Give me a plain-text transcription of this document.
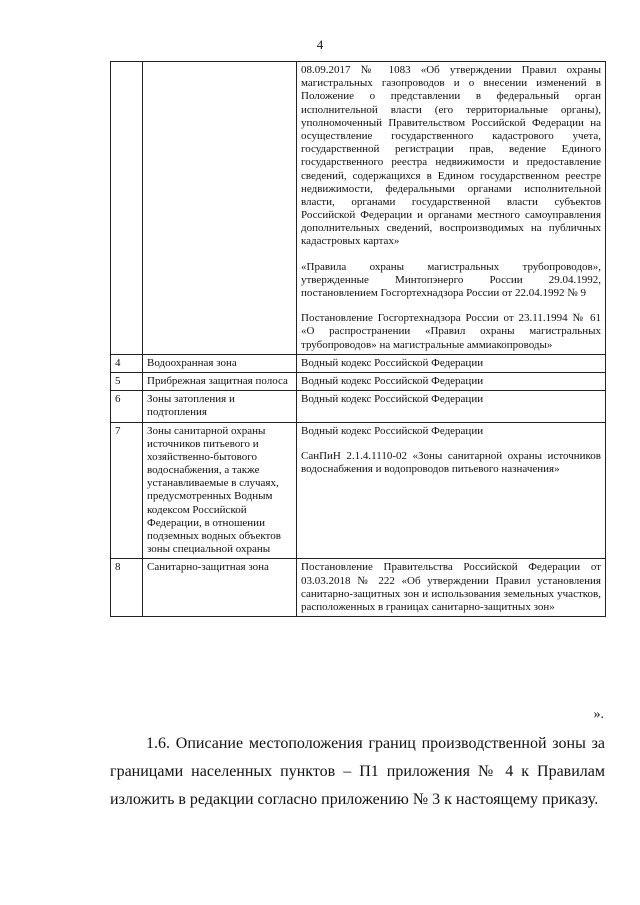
4

		08.09.2017 № 1083 «Об утверждении Правил охраны магистральных газопроводов и о внесении изменений в Положение о представлении в федеральный орган исполнительной власти (его территориальные органы), уполномоченный Правительством Российской Федерации на осуществление государственного кадастрового учета, государственной регистрации прав, ведение Единого государственного реестра недвижимости и предоставление сведений, содержащихся в Едином государственном реестре недвижимости, федеральными органами исполнительной власти, органами государственной власти субъектов Российской Федерации и органами местного самоуправления дополнительных сведений, воспроизводимых на публичных кадастровых картах»

«Правила охраны магистральных трубопроводов», утвержденные Минтопэнерго России 29.04.1992, постановлением Госгортехнадзора России от 22.04.1992 № 9

Постановление Госгортехнадзора России от 23.11.1994 № 61 «О распространении «Правил охраны магистральных трубопроводов» на магистральные аммиакопроводы»

4	Водоохранная зона	Водный кодекс Российской Федерации

5	Прибрежная защитная полоса	Водный кодекс Российской Федерации

6	Зоны затопления и подтопления	Водный кодекс Российской Федерации

7	Зоны санитарной охраны источников питьевого и хозяйственно-бытового водоснабжения, а также устанавливаемые в случаях, предусмотренных Водным кодексом Российской Федерации, в отношении подземных водных объектов зоны специальной охраны	Водный кодекс Российской Федерации

СанПиН 2.1.4.1110-02 «Зоны санитарной охраны источников водоснабжения и водопроводов питьевого назначения»

8	Санитарно-защитная зона	Постановление Правительства Российской Федерации от 03.03.2018 № 222 «Об утверждении Правил установления санитарно-защитных зон и использования земельных участков, расположенных в границах санитарно-защитных зон»

».

1.6. Описание местоположения границ производственной зоны за границами населенных пунктов – П1 приложения № 4 к Правилам изложить в редакции согласно приложению № 3 к настоящему приказу.
